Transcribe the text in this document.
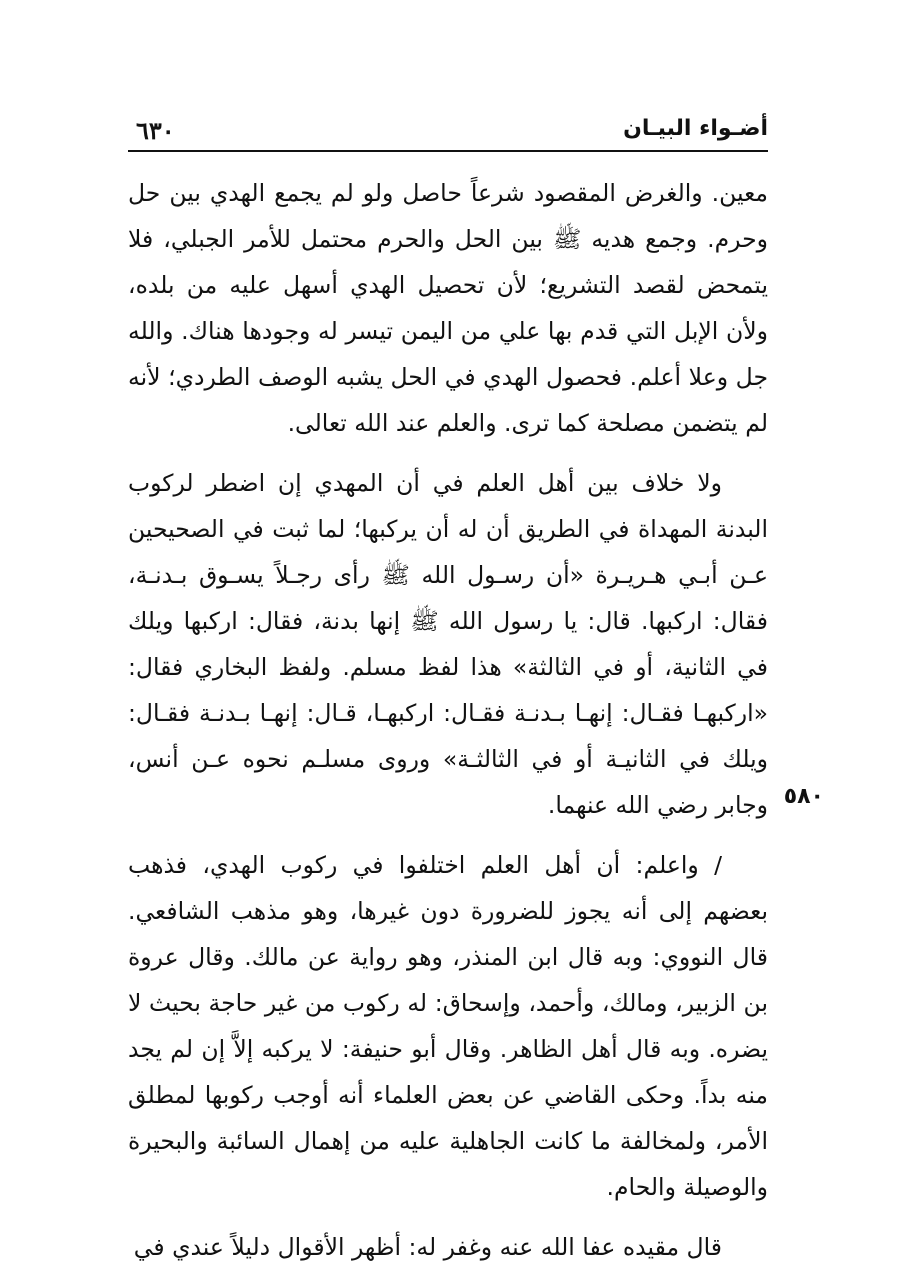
٦٣٠	أضـواء البيـان
٥٨٠

معين. والغرض المقصود شرعاً حاصل ولو لم يجمع الهدي بين حل وحرم. وجمع هديه ﷺ بين الحل والحرم محتمل للأمر الجبلي، فلا يتمحض لقصد التشريع؛ لأن تحصيل الهدي أسهل عليه من بلده، ولأن الإبل التي قدم بها علي من اليمن تيسر له وجودها هناك. والله جل وعلا أعلم. فحصول الهدي في الحل يشبه الوصف الطردي؛ لأنه لم يتضمن مصلحة كما ترى. والعلم عند الله تعالى.

ولا خلاف بين أهل العلم في أن المهدي إن اضطر لركوب البدنة المهداة في الطريق أن له أن يركبها؛ لما ثبت في الصحيحين عـن أبـي هـريـرة «أن رسـول الله ﷺ رأى رجـلاً يسـوق بـدنـة، فقال: اركبها. قال: يا رسول الله ﷺ إنها بدنة، فقال: اركبها ويلك في الثانية، أو في الثالثة» هذا لفظ مسلم. ولفظ البخاري فقال: «اركبهـا فقـال: إنهـا بـدنـة فقـال: اركبهـا، قـال: إنهـا بـدنـة فقـال: ويلك في الثانيـة أو في الثالثـة» وروى مسلـم نحوه عـن أنس، وجابر رضي الله عنهما.

/ واعلم: أن أهل العلم اختلفوا في ركوب الهدي، فذهب بعضهم إلى أنه يجوز للضرورة دون غيرها، وهو مذهب الشافعي. قال النووي: وبه قال ابن المنذر، وهو رواية عن مالك. وقال عروة بن الزبير، ومالك، وأحمد، وإسحاق: له ركوب من غير حاجة بحيث لا يضره. وبه قال أهل الظاهر. وقال أبو حنيفة: لا يركبه إلاَّ إن لم يجد منه بداً. وحكى القاضي عن بعض العلماء أنه أوجب ركوبها لمطلق الأمر، ولمخالفة ما كانت الجاهلية عليه من إهمال السائبة والبحيرة والوصيلة والحام.

قال مقيده عفا الله عنه وغفر له: أظهر الأقوال دليلاً عندي في
